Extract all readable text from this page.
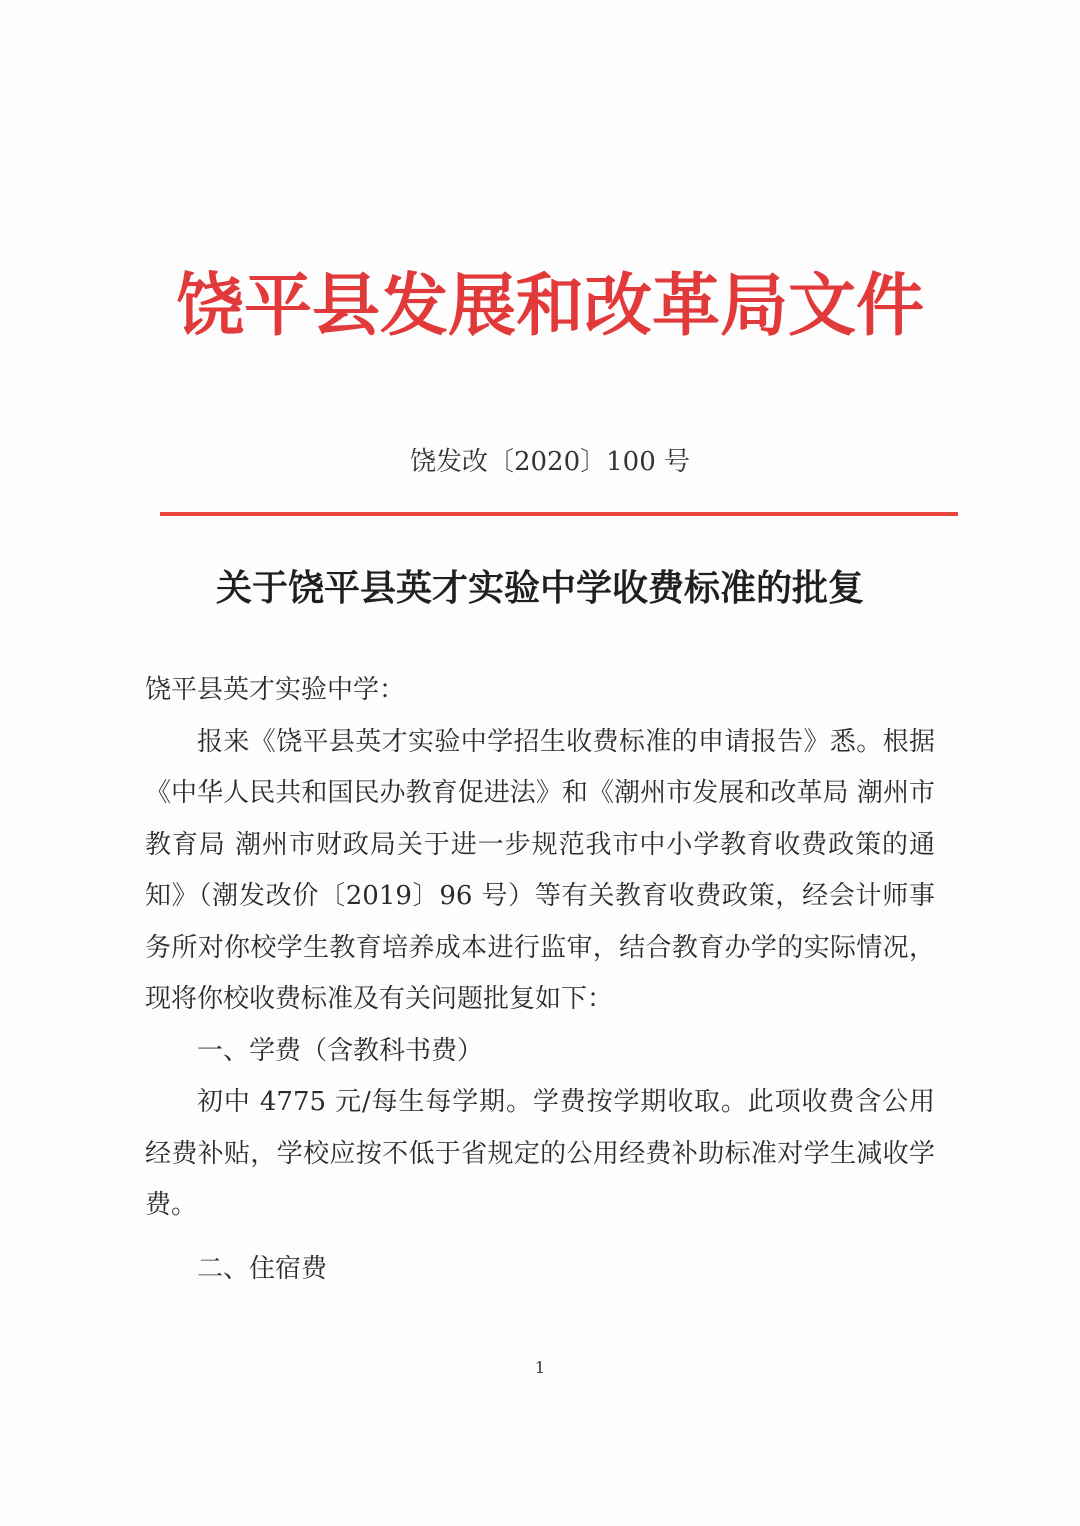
饶平县发展和改革局文件
饶发改〔2020〕100 号
关于饶平县英才实验中学收费标准的批复

饶平县英才实验中学：

报来《饶平县英才实验中学招生收费标准的申请报告》悉。根据《中华人民共和国民办教育促进法》和《潮州市发展和改革局 潮州市教育局 潮州市财政局关于进一步规范我市中小学教育收费政策的通知》（潮发改价〔2019〕96 号）等有关教育收费政策，经会计师事务所对你校学生教育培养成本进行监审，结合教育办学的实际情况，现将你校收费标准及有关问题批复如下：

一、学费（含教科书费）

初中 4775 元/每生每学期。学费按学期收取。此项收费含公用经费补贴，学校应按不低于省规定的公用经费补助标准对学生减收学费。

二、住宿费

1
